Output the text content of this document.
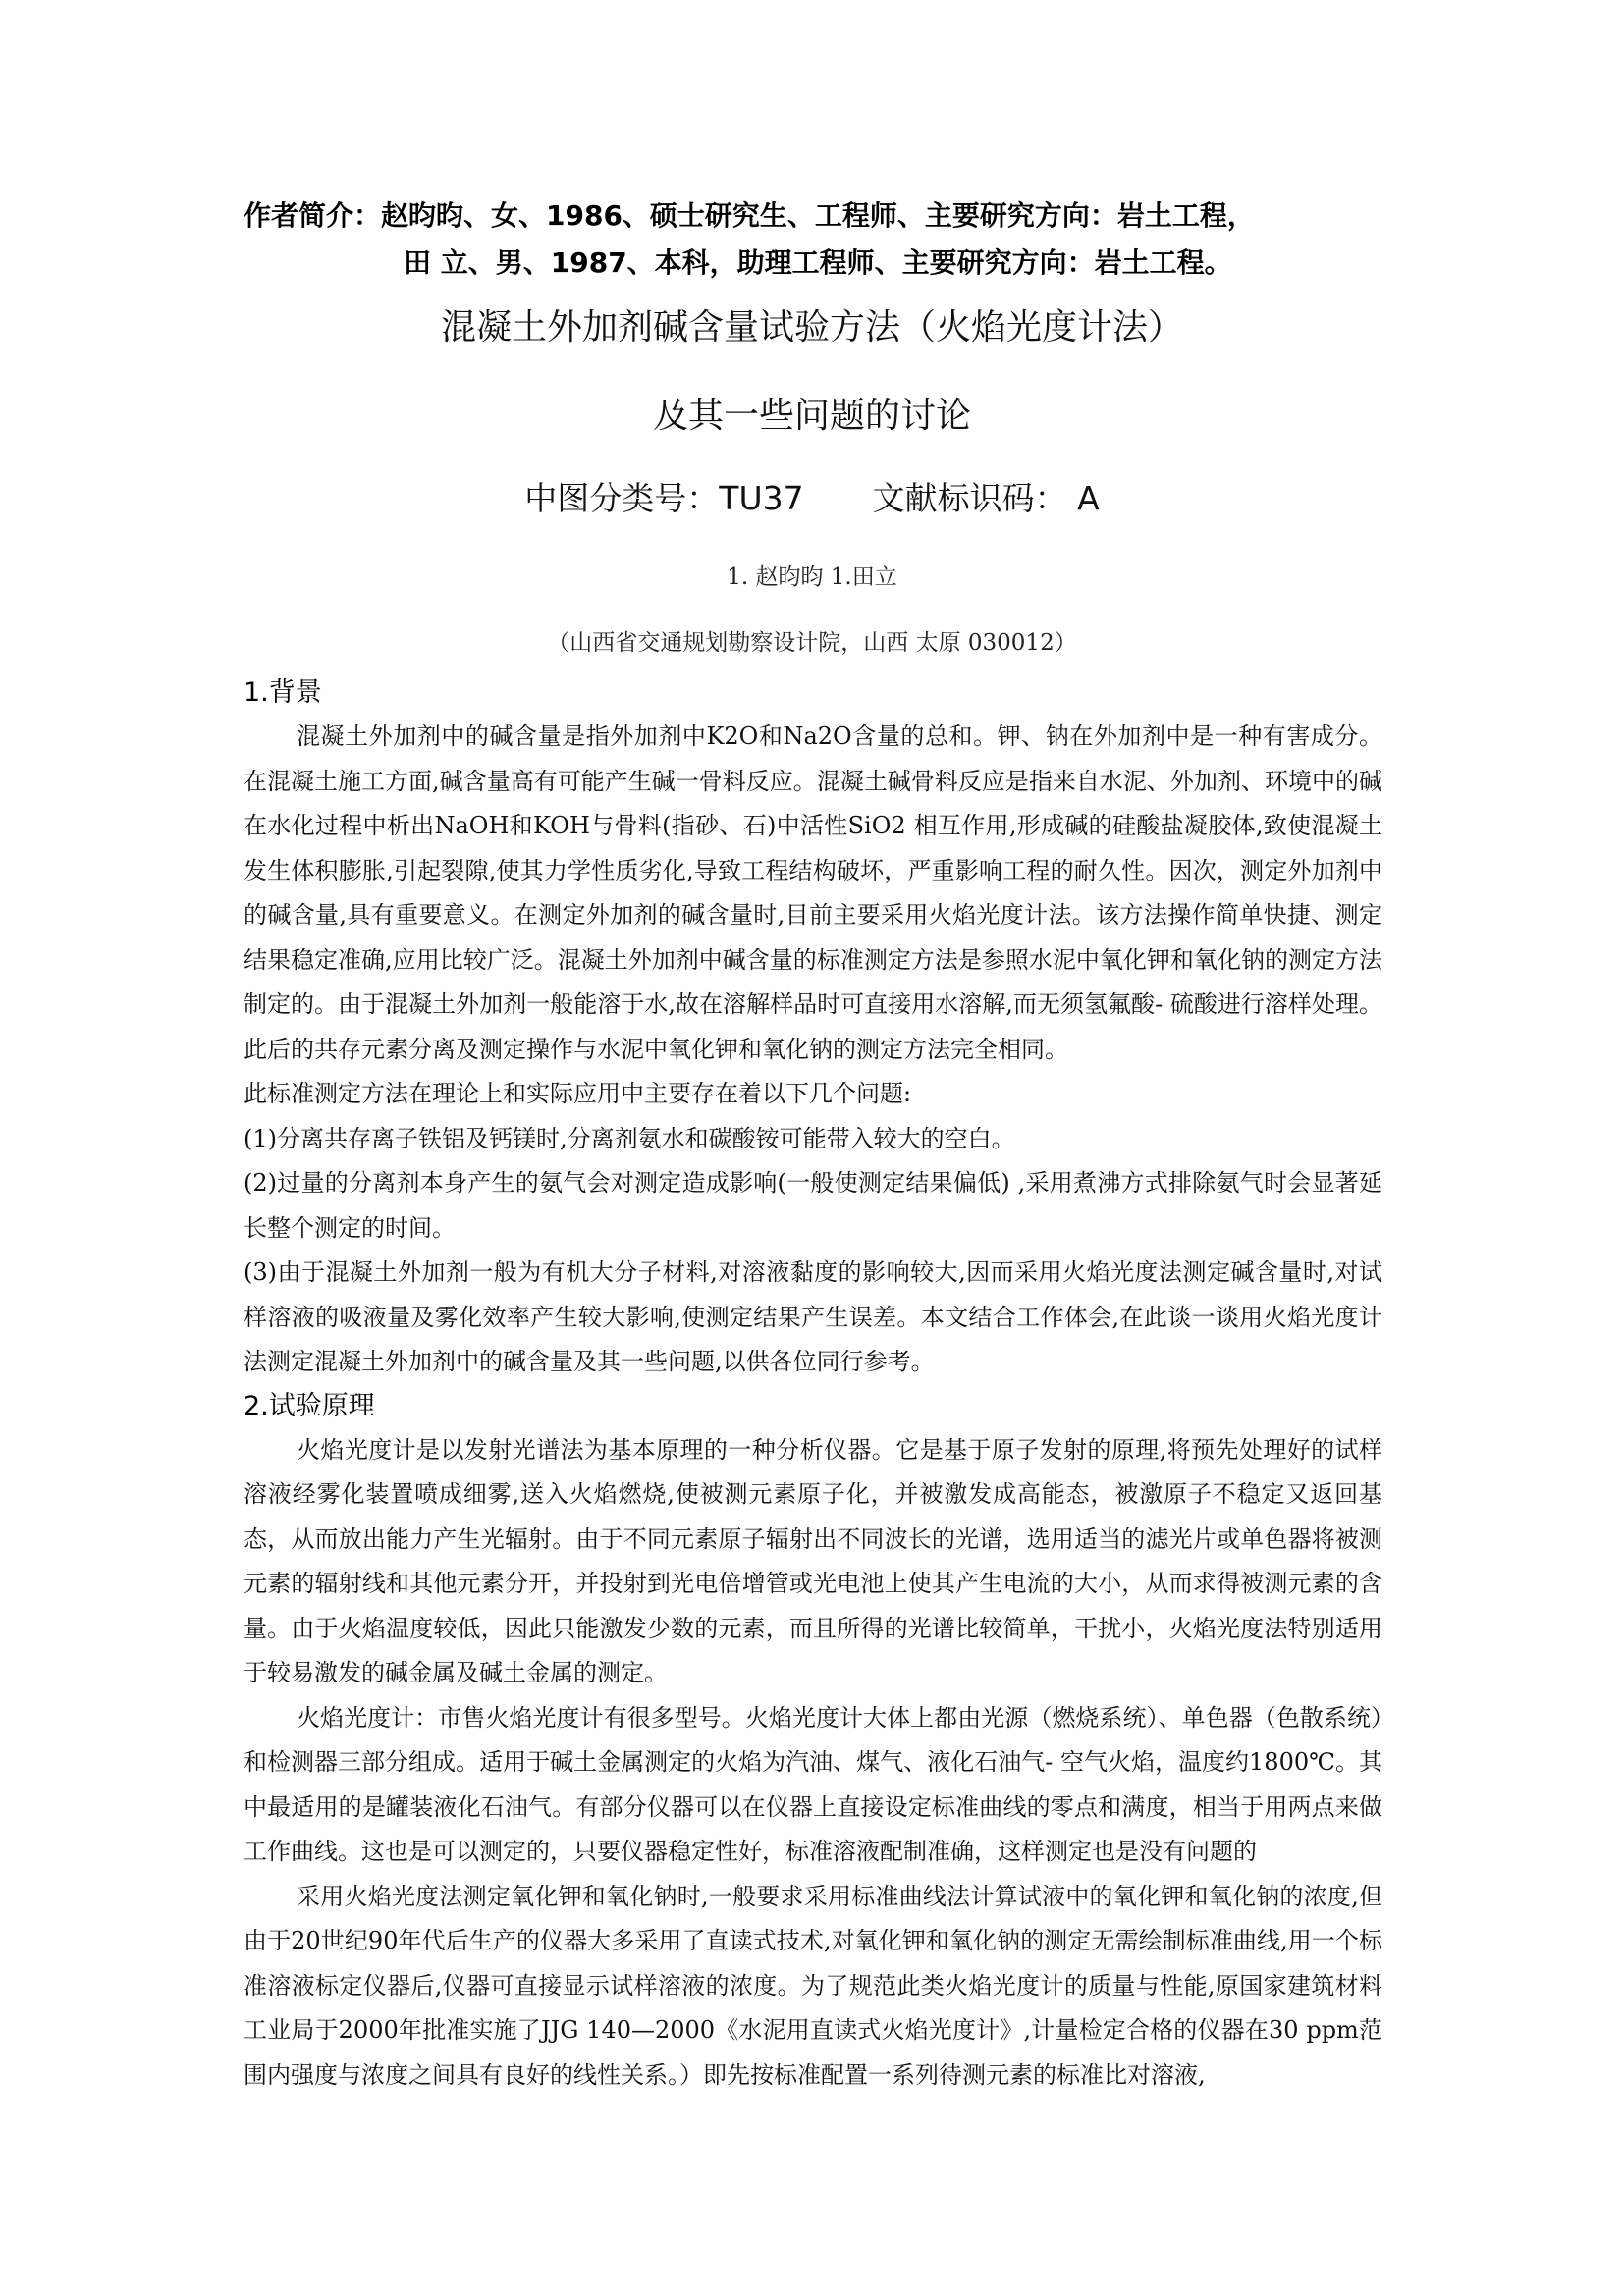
作者简介：赵昀昀、女、1986、硕士研究生、工程师、主要研究方向：岩土工程，

田 立、男、1987、本科，助理工程师、主要研究方向：岩土工程。
混凝土外加剂碱含量试验方法（火焰光度计法）
及其一些问题的讨论
中图分类号：TU37 文献标识码： A
1. 赵昀昀 1.田立
（山西省交通规划勘察设计院，山西 太原 030012）
1.背景

混凝土外加剂中的碱含量是指外加剂中K2O和Na2O含量的总和。钾、钠在外加剂中是一种有害成分。在混凝土施工方面,碱含量高有可能产生碱一骨料反应。混凝土碱骨料反应是指来自水泥、外加剂、环境中的碱在水化过程中析出NaOH和KOH与骨料(指砂、石)中活性SiO2 相互作用,形成碱的硅酸盐凝胶体,致使混凝土发生体积膨胀,引起裂隙,使其力学性质劣化,导致工程结构破坏，严重影响工程的耐久性。因次，测定外加剂中的碱含量,具有重要意义。在测定外加剂的碱含量时,目前主要采用火焰光度计法。该方法操作简单快捷、测定结果稳定准确,应用比较广泛。混凝土外加剂中碱含量的标准测定方法是参照水泥中氧化钾和氧化钠的测定方法制定的。由于混凝土外加剂一般能溶于水,故在溶解样品时可直接用水溶解,而无须氢氟酸- 硫酸进行溶样处理。此后的共存元素分离及测定操作与水泥中氧化钾和氧化钠的测定方法完全相同。

此标准测定方法在理论上和实际应用中主要存在着以下几个问题:

(1)分离共存离子铁铝及钙镁时,分离剂氨水和碳酸铵可能带入较大的空白。

(2)过量的分离剂本身产生的氨气会对测定造成影响(一般使测定结果偏低) ,采用煮沸方式排除氨气时会显著延长整个测定的时间。

(3)由于混凝土外加剂一般为有机大分子材料,对溶液黏度的影响较大,因而采用火焰光度法测定碱含量时,对试样溶液的吸液量及雾化效率产生较大影响,使测定结果产生误差。本文结合工作体会,在此谈一谈用火焰光度计法测定混凝土外加剂中的碱含量及其一些问题,以供各位同行参考。

2.试验原理

火焰光度计是以发射光谱法为基本原理的一种分析仪器。它是基于原子发射的原理,将预先处理好的试样溶液经雾化装置喷成细雾,送入火焰燃烧,使被测元素原子化，并被激发成高能态，被激原子不稳定又返回基态，从而放出能力产生光辐射。由于不同元素原子辐射出不同波长的光谱，选用适当的滤光片或单色器将被测元素的辐射线和其他元素分开，并投射到光电倍增管或光电池上使其产生电流的大小，从而求得被测元素的含量。由于火焰温度较低，因此只能激发少数的元素，而且所得的光谱比较简单，干扰小，火焰光度法特别适用于较易激发的碱金属及碱土金属的测定。

火焰光度计：市售火焰光度计有很多型号。火焰光度计大体上都由光源（燃烧系统）、单色器（色散系统）和检测器三部分组成。适用于碱土金属测定的火焰为汽油、煤气、液化石油气- 空气火焰，温度约1800℃。其中最适用的是罐装液化石油气。有部分仪器可以在仪器上直接设定标准曲线的零点和满度，相当于用两点来做工作曲线。这也是可以测定的，只要仪器稳定性好，标准溶液配制准确，这样测定也是没有问题的

采用火焰光度法测定氧化钾和氧化钠时,一般要求采用标准曲线法计算试液中的氧化钾和氧化钠的浓度,但由于20世纪90年代后生产的仪器大多采用了直读式技术,对氧化钾和氧化钠的测定无需绘制标准曲线,用一个标准溶液标定仪器后,仪器可直接显示试样溶液的浓度。为了规范此类火焰光度计的质量与性能,原国家建筑材料工业局于2000年批准实施了JJG 140—2000《水泥用直读式火焰光度计》,计量检定合格的仪器在30 ppm范围内强度与浓度之间具有良好的线性关系。）即先按标准配置一系列待测元素的标准比对溶液,
